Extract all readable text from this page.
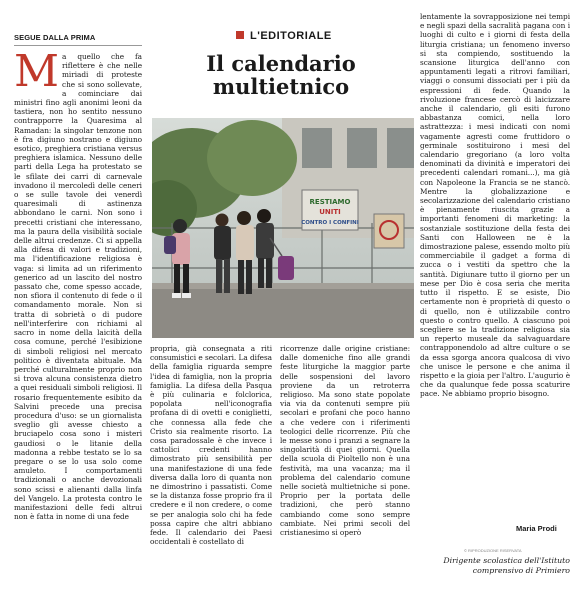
SEGUE DALLA PRIMA	L'EDITORIALE
Il calendario
multietnico
RESTIAMO
UNITI
CONTRO I CONFINI

Ma quello che fa riflettere è che nelle miriadi di proteste che si sono sollevate, a cominciare dai ministri fino agli anonimi leoni da tastiera, non ho sentito nessuno contrapporre la Quaresima al Ramadan: la singolar tenzone non è fra digiuno nostrano e digiuno esotico, preghiera cristiana versus preghiera islamica. Nessuno delle parti della Lega ha protestato se le sfilate dei carri di carnevale invadono il mercoledì delle ceneri o se sulle tavole dei venerdì quaresimali di astinenza abbondano le carni. Non sono i precetti cristiani che interessano, ma la paura della visibilità sociale delle altrui credenze. Ci si appella alla difesa di valori e tradizioni, ma l'identificazione religiosa è vaga: si limita ad un riferimento generico ad un lascito del nostro passato che, come spesso accade, non sfiora il contenuto di fede o il comandamento morale. Non si tratta di sobrietà o di pudore nell'interferire con richiami al sacro in nome della laicità della cosa comune, perché l'esibizione di simboli religiosi nel mercato politico è diventata abituale. Ma perché culturalmente proprio non si trova alcuna consistenza dietro a quei residuali simboli religiosi. Il rosario frequentemente esibito da Salvini precede una precisa procedura d'uso: se un giornalista sveglio gli avesse chiesto a bruciapelo cosa sono i misteri gaudiosi o le litanie della madonna a rebbe testato se lo sa pregare o se lo usa solo come amuleto. I comportamenti tradizionali o anche devozionali sono scissi e alienanti dalla linfa del Vangelo. La protesta contro le manifestazioni delle fedi altrui non è fatta in nome di una fede

propria, già consegnata a riti consumistici e secolari. La difesa della famiglia riguarda sempre l'idea di famiglia, non la propria famiglia. La difesa della Pasqua è più culinaria e folclorica, popolata nell'iconografia profana di di ovetti e coniglietti, che connessa alla fede che Cristo sia realmente risorto. La cosa paradossale è che invece i cattolici credenti hanno dimostrato più sensibilità per una manifestazione di una fede diversa dalla loro di quanta non ne dimostrino i passatisti. Come se la distanza fosse proprio fra il credere e il non credere, o come se per analogia solo chi ha fede possa capire che altri abbiano fede. Il calendario dei Paesi occidentali è costellato di

ricorrenze dalle origine cristiane: dalle domeniche fino alle grandi feste liturgiche la maggior parte delle sospensioni del lavoro proviene da un retroterra religioso. Ma sono state popolate via via da contenuti sempre più secolari e profani che poco hanno a che vedere con i riferimenti teologici delle ricorrenze. Più che le messe sono i pranzi a segnare la singolarità di quei giorni. Quella della scuola di Pioltello non è una festività, ma una vacanza; ma il problema del calendario comune nelle società multietniche si pone. Proprio per la portata delle tradizioni, che però stanno cambiando come sono sempre cambiate. Nei primi secoli del cristianesimo si operò

lentamente la sovrapposizione nei tempi e negli spazi della sacralità pagana con i luoghi di culto e i giorni di festa della liturgia cristiana; un fenomeno inverso si sta compiendo, sostituendo la scansione liturgica dell'anno con appuntamenti legati a ritrovi familiari, viaggi o consumi dissociati per i più da espressioni di fede. Quando la rivoluzione francese cercò di laicizzare anche il calendario, gli esiti furono abbastanza comici, nella loro astrattezza: i mesi indicati con nomi vagamente agresti come fruttidoro o germinale sostituirono i mesi del calendario gregoriano (a loro volta denominati da divinità e imperatori dei precedenti calendari romani...), ma già con Napoleone la Francia se ne stancò. Mentre la globalizzazione e secolarizzazione del calendario cristiano è pienamente riuscita grazie a importanti fenomeni di marketing: la sostanziale sostituzione della festa dei Santi con Halloween ne è la dimostrazione palese, essendo molto più commerciabile il gadget a forma di zucca o i vestiti da spettro che la santità. Digiunare tutto il giorno per un mese per Dio è cosa seria che merita tutto il rispetto. E se esiste, Dio certamente non è proprietà di questo o di quello, non è utilizzabile contro questo o contro quello. A ciascuno poi scegliere se la tradizione religiosa sia un reperto museale da salvaguardare contrapponendolo ad altre culture o se da essa sgorga ancora qualcosa di vivo che unisce le persone e che anima il rispetto e la gioia per l'altro. L'augurio è che da qualunque fede possa scaturire pace. Ne abbiamo proprio bisogno.

Maria Prodi
© RIPRODUZIONE RISERVATA
Dirigente scolastica dell'Istituto comprensivo di Primiero
